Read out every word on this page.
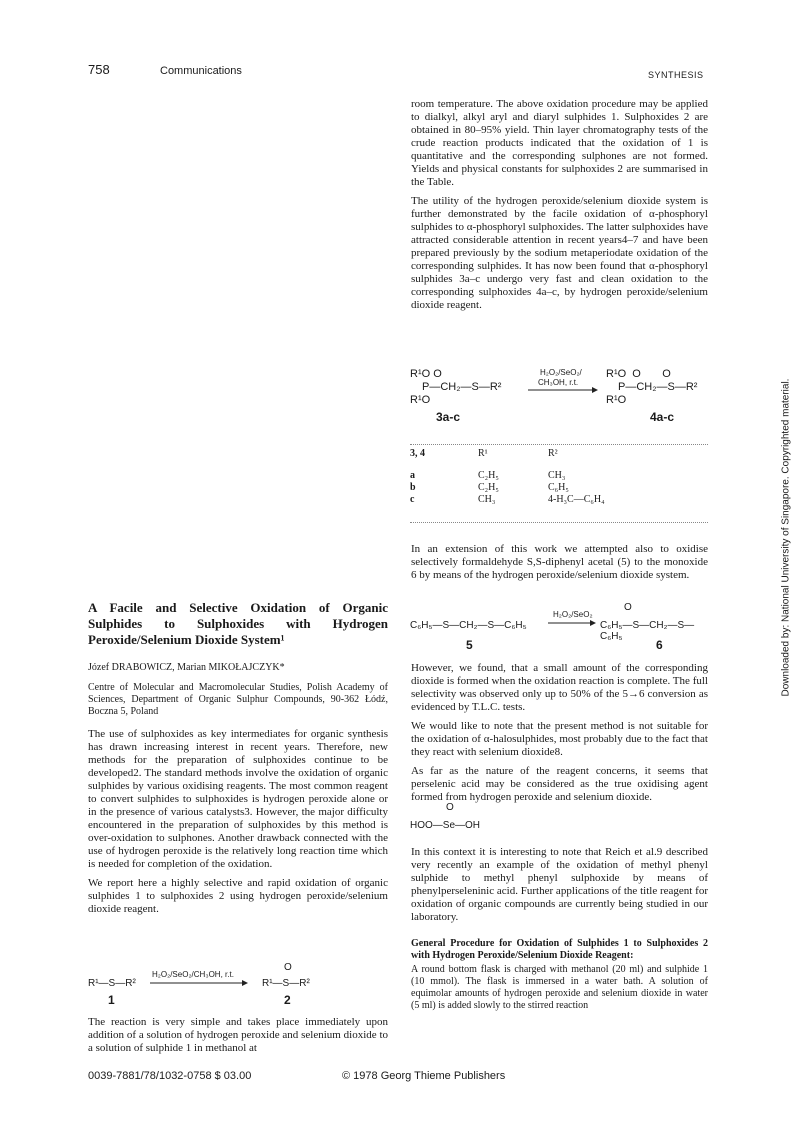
758	Communications	SYNTHESIS
Downloaded by: National University of Singapore. Copyrighted material.

room temperature. The above oxidation procedure may be applied to dialkyl, alkyl aryl and diaryl sulphides 1. Sulphoxides 2 are obtained in 80–95% yield. Thin layer chromatography tests of the crude reaction products indicated that the oxidation of 1 is quantitative and the corresponding sulphones are not formed. Yields and physical constants for sulphoxides 2 are summarised in the Table.

The utility of the hydrogen peroxide/selenium dioxide system is further demonstrated by the facile oxidation of α-phosphoryl sulphides to α-phosphoryl sulphoxides. The latter sulphoxides have attracted considerable attention in recent years4–7 and have been prepared previously by the sodium metaperiodate oxidation of the corresponding sulphides. It has now been found that α-phosphoryl sulphides 3a–c undergo very fast and clean oxidation to the corresponding sulphoxides 4a–c, by hydrogen peroxide/selenium dioxide reagent.

R¹O O
P—CH₂—S—R²
R¹O
3a-c
H₂O₂/SeO₂/
CH₃OH, r.t.
R¹O  O       O
P—CH₂—S—R²
R¹O
4a-c
3, 4	R¹	R²

a	C₂H₅	CH₃
b	C₂H₅	C₆H₅
c	CH₃	4-H₃C—C₆H₄

In an extension of this work we attempted also to oxidise selectively formaldehyde S,S-diphenyl acetal (5) to the monoxide 6 by means of the hydrogen peroxide/selenium dioxide system.

C₆H₅—S—CH₂—S—C₆H₅
5
H₂O₂/SeO₂
O
C₆H₅—S—CH₂—S—C₆H₅
6

However, we found, that a small amount of the corresponding dioxide is formed when the oxidation reaction is complete. The full selectivity was observed only up to 50% of the 5→6 conversion as evidenced by T.L.C. tests.

We would like to note that the present method is not suitable for the oxidation of α-halosulphides, most probably due to the fact that they react with selenium dioxide8.

As far as the nature of the reagent concerns, it seems that perselenic acid may be considered as the true oxidising agent formed from hydrogen peroxide and selenium dioxide.

O
HOO—Se—OH

In this context it is interesting to note that Reich et al.9 described very recently an example of the oxidation of methyl phenyl sulphide to methyl phenyl sulphoxide by means of phenylperseleninic acid. Further applications of the title reagent for oxidation of organic compounds are currently being studied in our laboratory.

General Procedure for Oxidation of Sulphides 1 to Sulphoxides 2 with Hydrogen Peroxide/Selenium Dioxide Reagent:
A round bottom flask is charged with methanol (20 ml) and sulphide 1 (10 mmol). The flask is immersed in a water bath. A solution of equimolar amounts of hydrogen peroxide and selenium dioxide in water (5 ml) is added slowly to the stirred reaction
A Facile and Selective Oxidation of Organic Sulphides to Sulphoxides with Hydrogen Peroxide/Selenium Dioxide System¹
Józef DRABOWICZ, Marian MIKOŁAJCZYK*
Centre of Molecular and Macromolecular Studies, Polish Academy of Sciences, Department of Organic Sulphur Compounds, 90-362 Łódź, Boczna 5, Poland

The use of sulphoxides as key intermediates for organic synthesis has drawn increasing interest in recent years. Therefore, new methods for the preparation of sulphoxides continue to be developed2. The standard methods involve the oxidation of organic sulphides by various oxidising reagents. The most common reagent to convert sulphides to sulphoxides is hydrogen peroxide alone or in the presence of various catalysts3. However, the major difficulty encountered in the preparation of sulphoxides by this method is over-oxidation to sulphones. Another drawback connected with the use of hydrogen peroxide is the relatively long reaction time which is needed for completion of the oxidation.

We report here a highly selective and rapid oxidation of organic sulphides 1 to sulphoxides 2 using hydrogen peroxide/selenium dioxide reagent.

R¹—S—R²
1
H₂O₂/SeO₂/CH₃OH, r.t.
O
R¹—S—R²
2

The reaction is very simple and takes place immediately upon addition of a solution of hydrogen peroxide and selenium dioxide to a solution of sulphide 1 in methanol at

0039-7881/78/1032-0758 $ 03.00	© 1978 Georg Thieme Publishers
